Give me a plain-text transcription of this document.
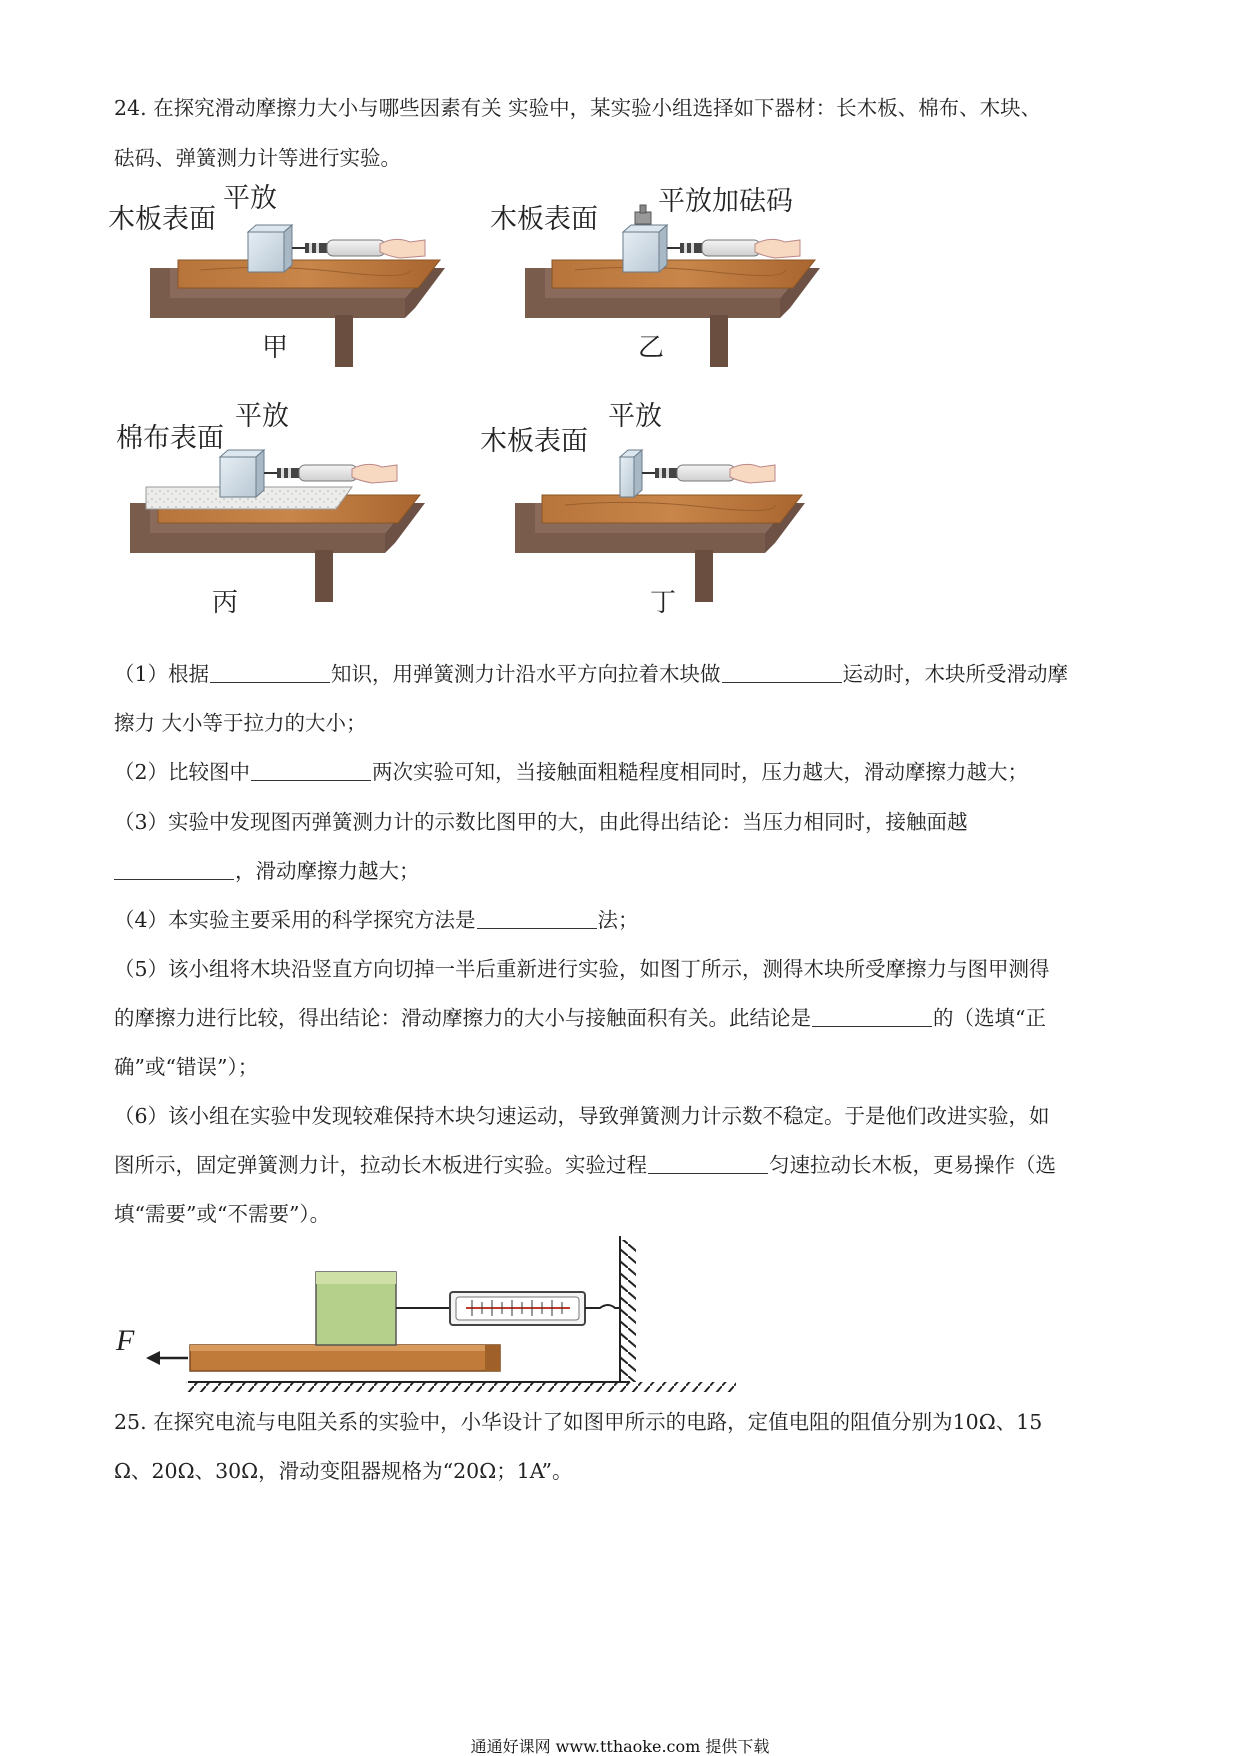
24. 在探究滑动摩擦力大小与哪些因素有关 实验中，某实验小组选择如下器材：长木板、棉布、木块、
砝码、弹簧测力计等进行实验。
木板表面
平放
甲
木板表面
平放加砝码
乙
棉布表面
平放
丙
木板表面
平放
丁
（1）根据	知识，用弹簧测力计沿水平方向拉着木块做	运动时，木块所受滑动摩
擦力 大小等于拉力的大小；
（2）比较图中	两次实验可知，当接触面粗糙程度相同时，压力越大，滑动摩擦力越大；
（3）实验中发现图丙弹簧测力计的示数比图甲的大，由此得出结论：当压力相同时，接触面越
，滑动摩擦力越大；
（4）本实验主要采用的科学探究方法是	法；
（5）该小组将木块沿竖直方向切掉一半后重新进行实验，如图丁所示，测得木块所受摩擦力与图甲测得
的摩擦力进行比较，得出结论：滑动摩擦力的大小与接触面积有关。此结论是	的（选填“正
确”或“错误”）；
（6）该小组在实验中发现较难保持木块匀速运动，导致弹簧测力计示数不稳定。于是他们改进实验，如
图所示，固定弹簧测力计，拉动长木板进行实验。实验过程	匀速拉动长木板，更易操作（选
填“需要”或“不需要”）。
F
25. 在探究电流与电阻关系的实验中，小华设计了如图甲所示的电路，定值电阻的阻值分别为10Ω、15
Ω、20Ω、30Ω，滑动变阻器规格为“20Ω；1A”。
通通好课网 www.tthaoke.com 提供下载
